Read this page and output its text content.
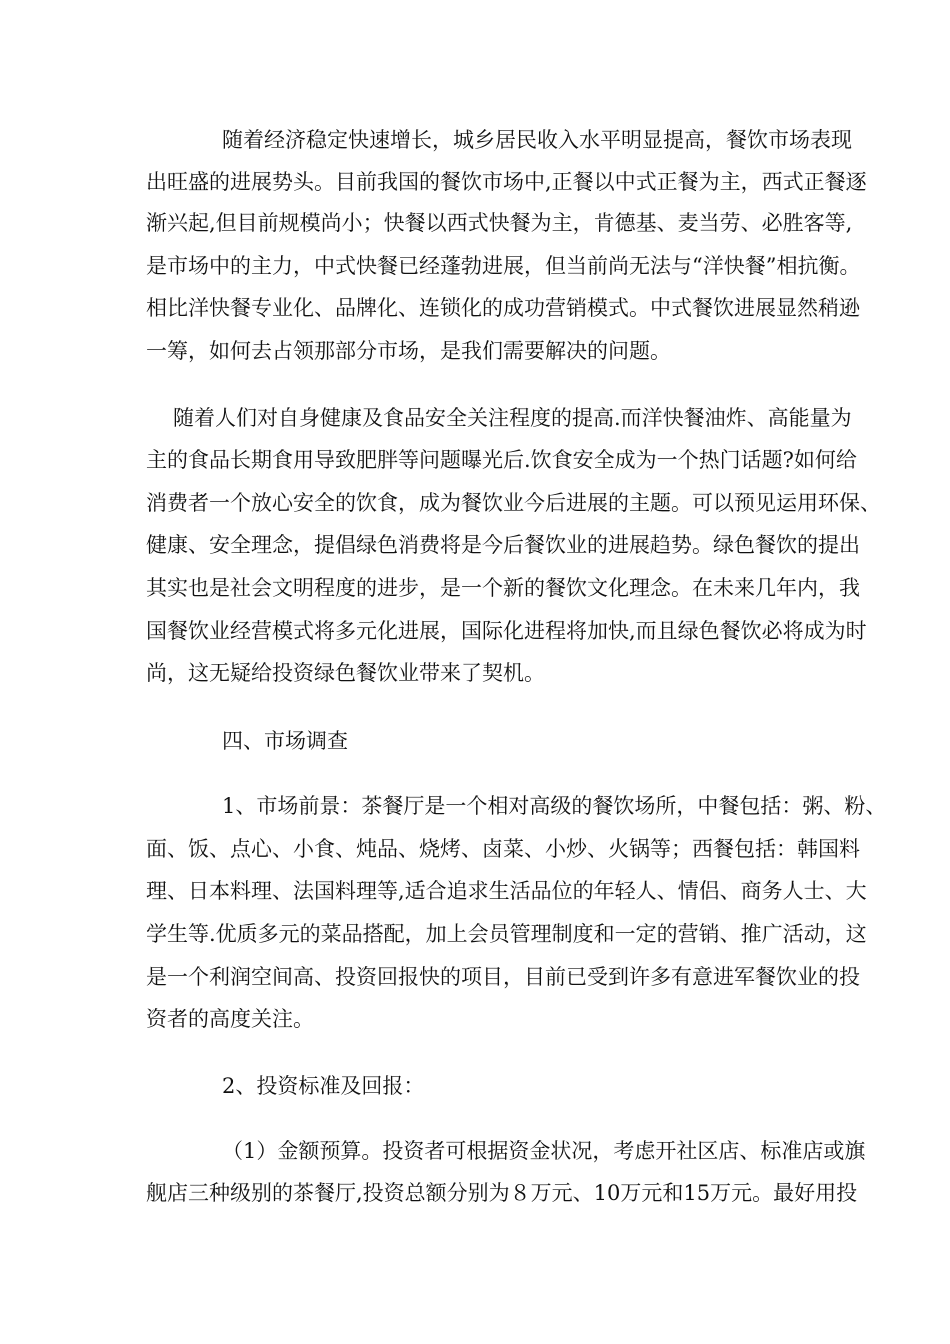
随着经济稳定快速增长，城乡居民收入水平明显提高，餐饮市场表现
出旺盛的进展势头。目前我国的餐饮市场中,正餐以中式正餐为主，西式正餐逐
渐兴起,但目前规模尚小；快餐以西式快餐为主，肯德基、麦当劳、必胜客等,
是市场中的主力，中式快餐已经蓬勃进展，但当前尚无法与“洋快餐”相抗衡。
相比洋快餐专业化、品牌化、连锁化的成功营销模式。中式餐饮进展显然稍逊
一筹，如何去占领那部分市场，是我们需要解决的问题。
随着人们对自身健康及食品安全关注程度的提高.而洋快餐油炸、高能量为
主的食品长期食用导致肥胖等问题曝光后.饮食安全成为一个热门话题?如何给
消费者一个放心安全的饮食，成为餐饮业今后进展的主题。可以预见运用环保、
健康、安全理念，提倡绿色消费将是今后餐饮业的进展趋势。绿色餐饮的提出
其实也是社会文明程度的进步，是一个新的餐饮文化理念。在未来几年内，我
国餐饮业经营模式将多元化进展，国际化进程将加快,而且绿色餐饮必将成为时
尚，这无疑给投资绿色餐饮业带来了契机。
四、市场调查
1、市场前景：茶餐厅是一个相对高级的餐饮场所，中餐包括：粥、粉、
面、饭、点心、小食、炖品、烧烤、卤菜、小炒、火锅等；西餐包括：韩国料
理、日本料理、法国料理等,适合追求生活品位的年轻人、情侣、商务人士、大
学生等.优质多元的菜品搭配，加上会员管理制度和一定的营销、推广活动，这
是一个利润空间高、投资回报快的项目，目前已受到许多有意进军餐饮业的投
资者的高度关注。
2、投资标准及回报：
（1）金额预算。投资者可根据资金状况，考虑开社区店、标准店或旗
舰店三种级别的茶餐厅,投资总额分别为８万元、10万元和15万元。最好用投
